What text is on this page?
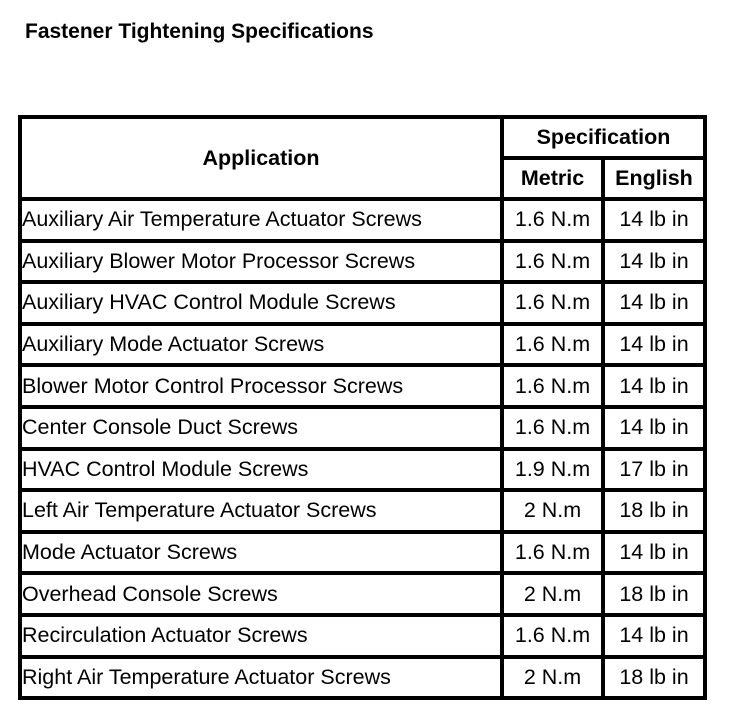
Fastener Tightening Specifications
Application	Specification	
	Metric	English
Auxiliary Air Temperature Actuator Screws	1.6 N.m	14 lb in
Auxiliary Blower Motor Processor Screws	1.6 N.m	14 lb in
Auxiliary HVAC Control Module Screws	1.6 N.m	14 lb in
Auxiliary Mode Actuator Screws	1.6 N.m	14 lb in
Blower Motor Control Processor Screws	1.6 N.m	14 lb in
Center Console Duct Screws	1.6 N.m	14 lb in
HVAC Control Module Screws	1.9 N.m	17 lb in
Left Air Temperature Actuator Screws	2 N.m	18 lb in
Mode Actuator Screws	1.6 N.m	14 lb in
Overhead Console Screws	2 N.m	18 lb in
Recirculation Actuator Screws	1.6 N.m	14 lb in
Right Air Temperature Actuator Screws	2 N.m	18 lb in
